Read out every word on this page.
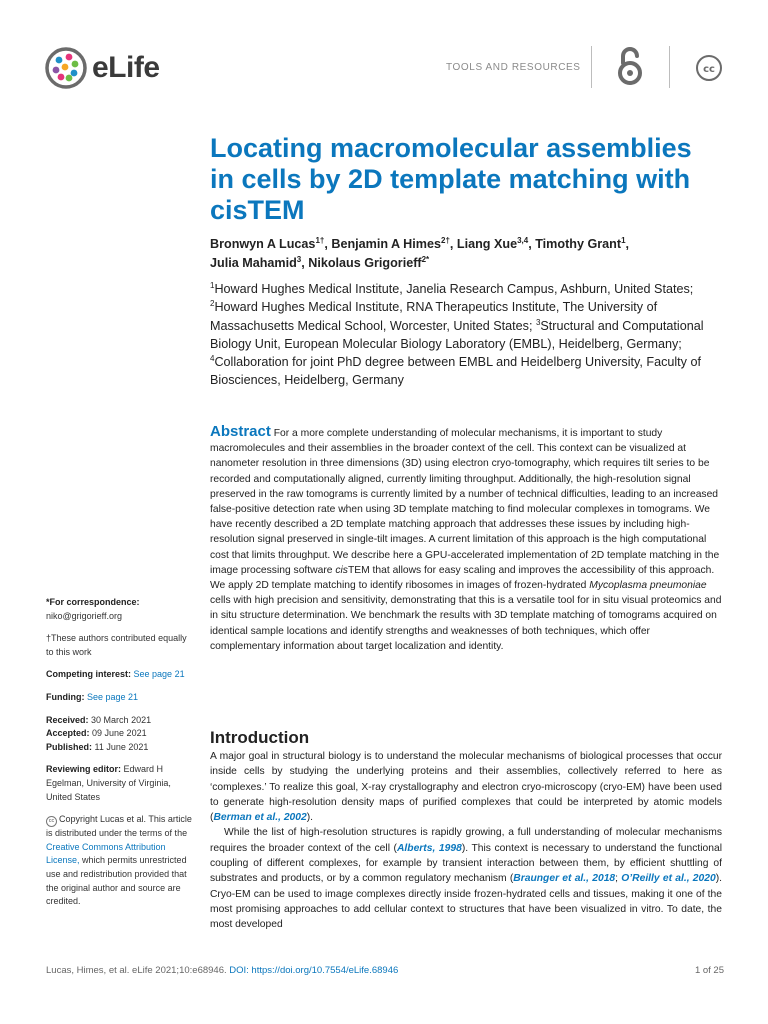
eLife	TOOLS AND RESOURCES	cc
Locating macromolecular assemblies in cells by 2D template matching with cisTEM
Bronwyn A Lucas$^{1\dagger}$, Benjamin A Himes$^{2\dagger}$, Liang Xue$^{3,4}$, Timothy Grant$^1$,
Julia Mahamid$^3$, Nikolaus Grigorieff$^{2*}$
$^1$Howard Hughes Medical Institute, Janelia Research Campus, Ashburn, United States; $^2$Howard Hughes Medical Institute, RNA Therapeutics Institute, The University of Massachusetts Medical School, Worcester, United States; $^3$Structural and Computational Biology Unit, European Molecular Biology Laboratory (EMBL), Heidelberg, Germany; $^4$Collaboration for joint PhD degree between EMBL and Heidelberg University, Faculty of Biosciences, Heidelberg, Germany
Abstract For a more complete understanding of molecular mechanisms, it is important to study macromolecules and their assemblies in the broader context of the cell. This context can be visualized at nanometer resolution in three dimensions (3D) using electron cryo-tomography, which requires tilt series to be recorded and computationally aligned, currently limiting throughput. Additionally, the high-resolution signal preserved in the raw tomograms is currently limited by a number of technical difficulties, leading to an increased false-positive detection rate when using 3D template matching to find molecular complexes in tomograms. We have recently described a 2D template matching approach that addresses these issues by including high-resolution signal preserved in single-tilt images. A current limitation of this approach is the high computational cost that limits throughput. We describe here a GPU-accelerated implementation of 2D template matching in the image processing software cisTEM that allows for easy scaling and improves the accessibility of this approach. We apply 2D template matching to identify ribosomes in images of frozen-hydrated Mycoplasma pneumoniae cells with high precision and sensitivity, demonstrating that this is a versatile tool for in situ visual proteomics and in situ structure determination. We benchmark the results with 3D template matching of tomograms acquired on identical sample locations and identify strengths and weaknesses of both techniques, which offer complementary information about target localization and identity.
*For correspondence:
niko@grigorieff.org
†These authors contributed equally to this work
Competing interest: See page 21
Funding: See page 21
Received: 30 March 2021
Accepted: 09 June 2021
Published: 11 June 2021
Reviewing editor: Edward H Egelman, University of Virginia, United States
cc Copyright Lucas et al. This article is distributed under the terms of the Creative Commons Attribution License, which permits unrestricted use and redistribution provided that the original author and source are credited.
Introduction

A major goal in structural biology is to understand the molecular mechanisms of biological processes that occur inside cells by studying the underlying proteins and their assemblies, collectively referred to here as ‘complexes.’ To realize this goal, X-ray crystallography and electron cryo-microscopy (cryo-EM) have been used to generate high-resolution density maps of purified complexes that could be interpreted by atomic models (Berman et al., 2002).

While the list of high-resolution structures is rapidly growing, a full understanding of molecular mechanisms requires the broader context of the cell (Alberts, 1998). This context is necessary to understand the functional coupling of different complexes, for example by transient interaction between them, by efficient shuttling of substrates and products, or by a common regulatory mechanism (Braunger et al., 2018; O’Reilly et al., 2020). Cryo-EM can be used to image complexes directly inside frozen-hydrated cells and tissues, making it one of the most promising approaches to add cellular context to structures that have been visualized in vitro. To date, the most developed

Lucas, Himes, et al. eLife 2021;10:e68946. DOI: https://doi.org/10.7554/eLife.68946	1 of 25
